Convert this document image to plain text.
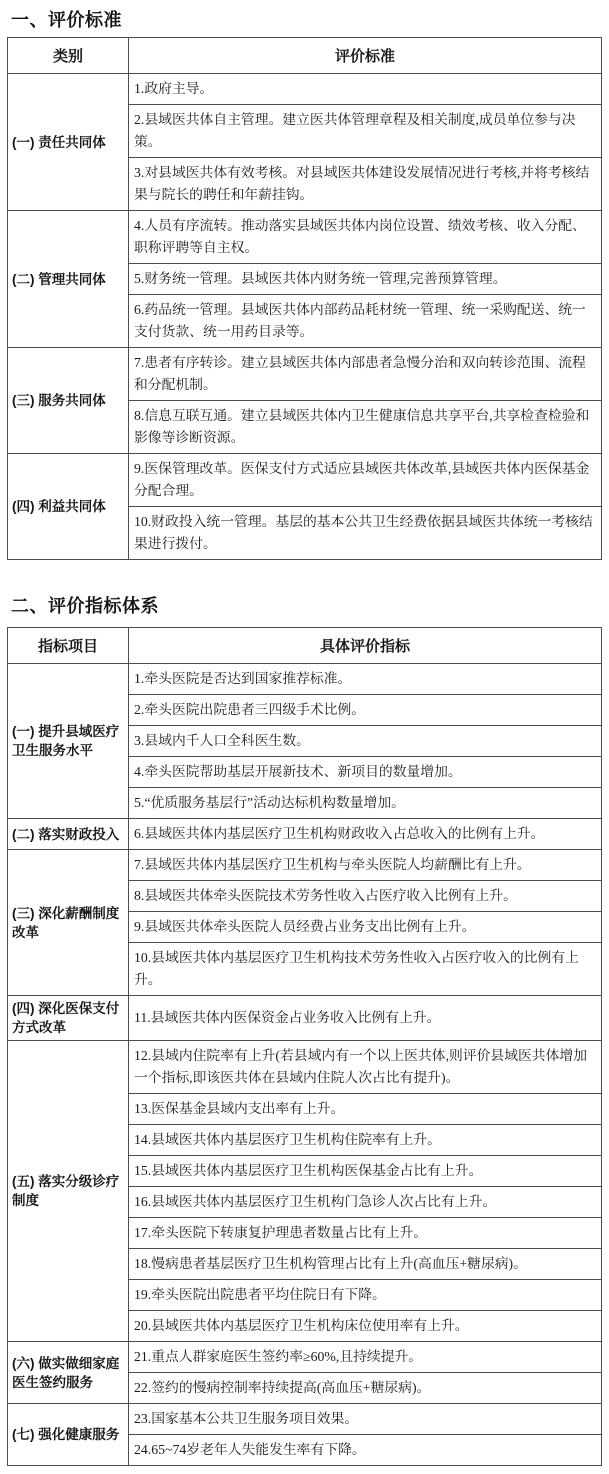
一、评价标准
类别	评价标准
(一) 责任共同体	1.政府主导。
	2.县域医共体自主管理。建立医共体管理章程及相关制度,成员单位参与决策。
	3.对县域医共体有效考核。对县域医共体建设发展情况进行考核,并将考核结果与院长的聘任和年薪挂钩。
(二) 管理共同体	4.人员有序流转。推动落实县域医共体内岗位设置、绩效考核、收入分配、职称评聘等自主权。
	5.财务统一管理。县域医共体内财务统一管理,完善预算管理。
	6.药品统一管理。县域医共体内部药品耗材统一管理、统一采购配送、统一支付货款、统一用药目录等。
(三) 服务共同体	7.患者有序转诊。建立县域医共体内部患者急慢分治和双向转诊范围、流程和分配机制。
	8.信息互联互通。建立县域医共体内卫生健康信息共享平台,共享检查检验和影像等诊断资源。
(四) 利益共同体	9.医保管理改革。医保支付方式适应县域医共体改革,县域医共体内医保基金分配合理。
	10.财政投入统一管理。基层的基本公共卫生经费依据县域医共体统一考核结果进行拨付。
二、评价指标体系
指标项目	具体评价指标
(一) 提升县域医疗卫生服务水平	1.牵头医院是否达到国家推荐标准。
	2.牵头医院出院患者三四级手术比例。
	3.县域内千人口全科医生数。
	4.牵头医院帮助基层开展新技术、新项目的数量增加。
	5.“优质服务基层行”活动达标机构数量增加。
(二) 落实财政投入	6.县域医共体内基层医疗卫生机构财政收入占总收入的比例有上升。
(三) 深化薪酬制度改革	7.县域医共体内基层医疗卫生机构与牵头医院人均薪酬比有上升。
	8.县域医共体牵头医院技术劳务性收入占医疗收入比例有上升。
	9.县域医共体牵头医院人员经费占业务支出比例有上升。
	10.县域医共体内基层医疗卫生机构技术劳务性收入占医疗收入的比例有上升。
(四) 深化医保支付方式改革	11.县域医共体内医保资金占业务收入比例有上升。
(五) 落实分级诊疗制度	12.县域内住院率有上升(若县域内有一个以上医共体,则评价县域医共体增加一个指标,即该医共体在县域内住院人次占比有提升)。
	13.医保基金县域内支出率有上升。
	14.县域医共体内基层医疗卫生机构住院率有上升。
	15.县域医共体内基层医疗卫生机构医保基金占比有上升。
	16.县域医共体内基层医疗卫生机构门急诊人次占比有上升。
	17.牵头医院下转康复护理患者数量占比有上升。
	18.慢病患者基层医疗卫生机构管理占比有上升(高血压+糖尿病)。
	19.牵头医院出院患者平均住院日有下降。
	20.县域医共体内基层医疗卫生机构床位使用率有上升。
(六) 做实做细家庭医生签约服务	21.重点人群家庭医生签约率≥60%,且持续提升。
	22.签约的慢病控制率持续提高(高血压+糖尿病)。
(七) 强化健康服务	23.国家基本公共卫生服务项目效果。
	24.65~74岁老年人失能发生率有下降。
